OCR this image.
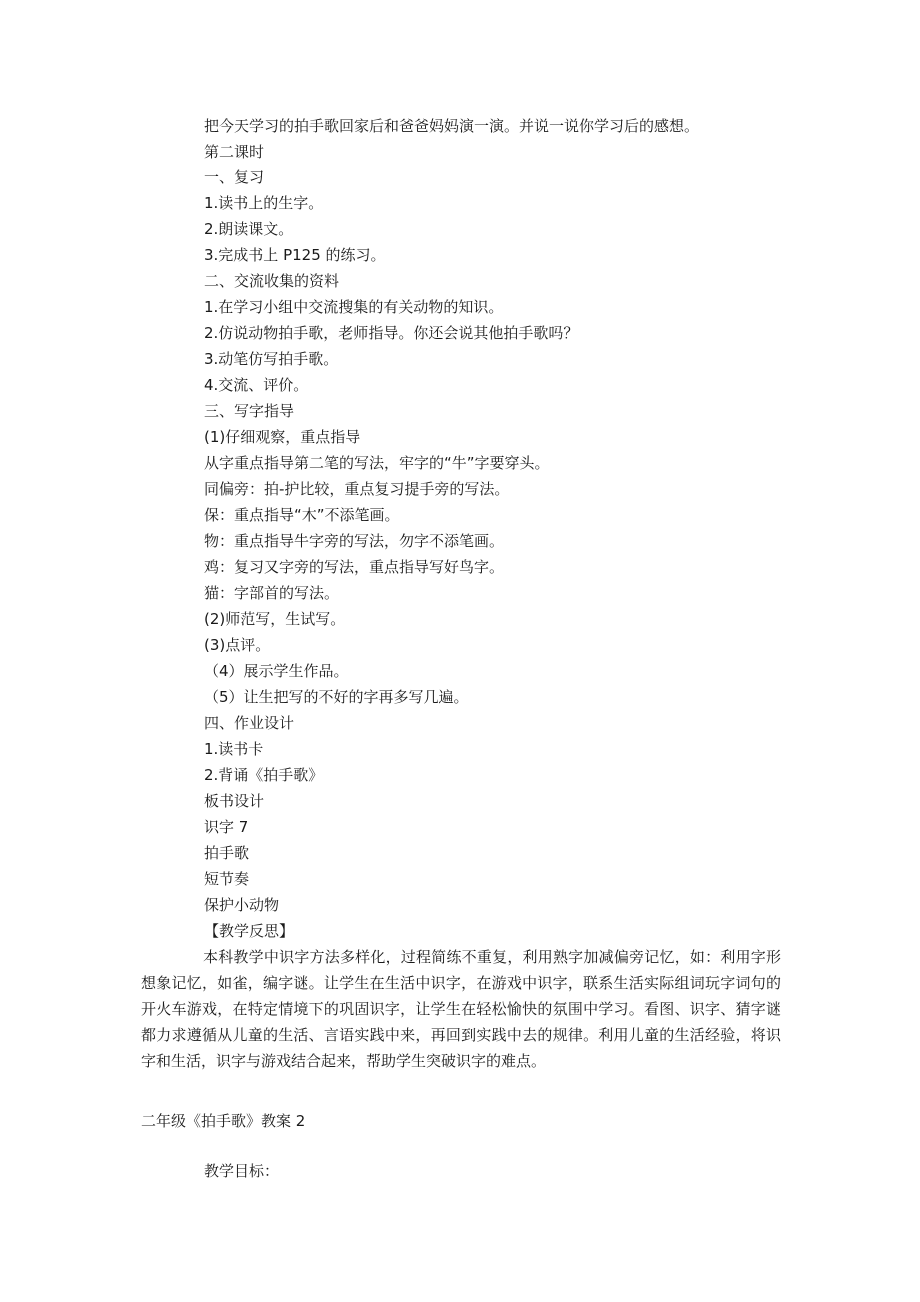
把今天学习的拍手歌回家后和爸爸妈妈演一演。并说一说你学习后的感想。
第二课时
一、复习
1.读书上的生字。
2.朗读课文。
3.完成书上 P125 的练习。
二、交流收集的资料
1.在学习小组中交流搜集的有关动物的知识。
2.仿说动物拍手歌，老师指导。你还会说其他拍手歌吗？
3.动笔仿写拍手歌。
4.交流、评价。
三、写字指导
(1)仔细观察，重点指导
从字重点指导第二笔的写法，牢字的“牛”字要穿头。
同偏旁：拍-护比较，重点复习提手旁的写法。
保：重点指导“木”不添笔画。
物：重点指导牛字旁的写法，勿字不添笔画。
鸡：复习又字旁的写法，重点指导写好鸟字。
猫：字部首的写法。
(2)师范写，生试写。
(3)点评。
（4）展示学生作品。
（5）让生把写的不好的字再多写几遍。
四、作业设计
1.读书卡
2.背诵《拍手歌》
板书设计
识字 7
拍手歌
短节奏
保护小动物
【教学反思】
本科教学中识字方法多样化，过程简练不重复，利用熟字加减偏旁记忆，如：利用字形想象记忆，如雀，编字谜。让学生在生活中识字，在游戏中识字，联系生活实际组词玩字词句的开火车游戏，在特定情境下的巩固识字，让学生在轻松愉快的氛围中学习。看图、识字、猜字谜都力求遵循从儿童的生活、言语实践中来，再回到实践中去的规律。利用儿童的生活经验，将识字和生活，识字与游戏结合起来，帮助学生突破识字的难点。
二年级《拍手歌》教案 2
教学目标：
